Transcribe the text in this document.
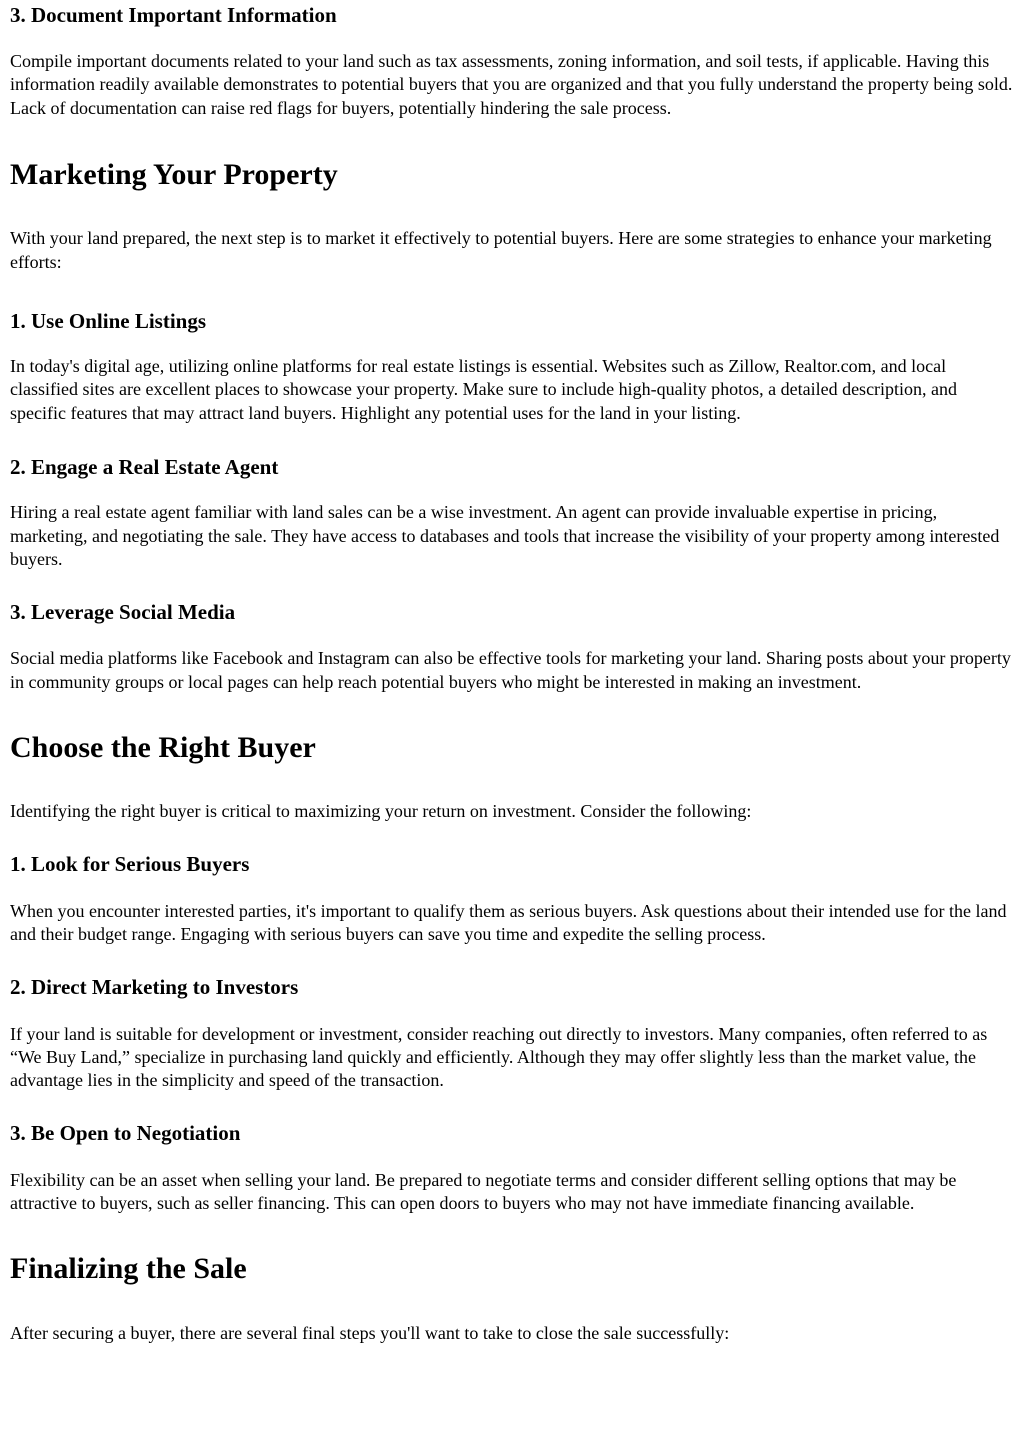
3. Document Important Information

Compile important documents related to your land such as tax assessments, zoning information, and soil tests, if applicable. Having this information readily available demonstrates to potential buyers that you are organized and that you fully understand the property being sold. Lack of documentation can raise red flags for buyers, potentially hindering the sale process.

Marketing Your Property

With your land prepared, the next step is to market it effectively to potential buyers. Here are some strategies to enhance your marketing efforts:

1. Use Online Listings

In today's digital age, utilizing online platforms for real estate listings is essential. Websites such as Zillow, Realtor.com, and local classified sites are excellent places to showcase your property. Make sure to include high-quality photos, a detailed description, and specific features that may attract land buyers. Highlight any potential uses for the land in your listing.

2. Engage a Real Estate Agent

Hiring a real estate agent familiar with land sales can be a wise investment. An agent can provide invaluable expertise in pricing, marketing, and negotiating the sale. They have access to databases and tools that increase the visibility of your property among interested buyers.

3. Leverage Social Media

Social media platforms like Facebook and Instagram can also be effective tools for marketing your land. Sharing posts about your property in community groups or local pages can help reach potential buyers who might be interested in making an investment.

Choose the Right Buyer

Identifying the right buyer is critical to maximizing your return on investment. Consider the following:

1. Look for Serious Buyers

When you encounter interested parties, it's important to qualify them as serious buyers. Ask questions about their intended use for the land and their budget range. Engaging with serious buyers can save you time and expedite the selling process.

2. Direct Marketing to Investors

If your land is suitable for development or investment, consider reaching out directly to investors. Many companies, often referred to as “We Buy Land,” specialize in purchasing land quickly and efficiently. Although they may offer slightly less than the market value, the advantage lies in the simplicity and speed of the transaction.

3. Be Open to Negotiation

Flexibility can be an asset when selling your land. Be prepared to negotiate terms and consider different selling options that may be attractive to buyers, such as seller financing. This can open doors to buyers who may not have immediate financing available.

Finalizing the Sale

After securing a buyer, there are several final steps you'll want to take to close the sale successfully:
